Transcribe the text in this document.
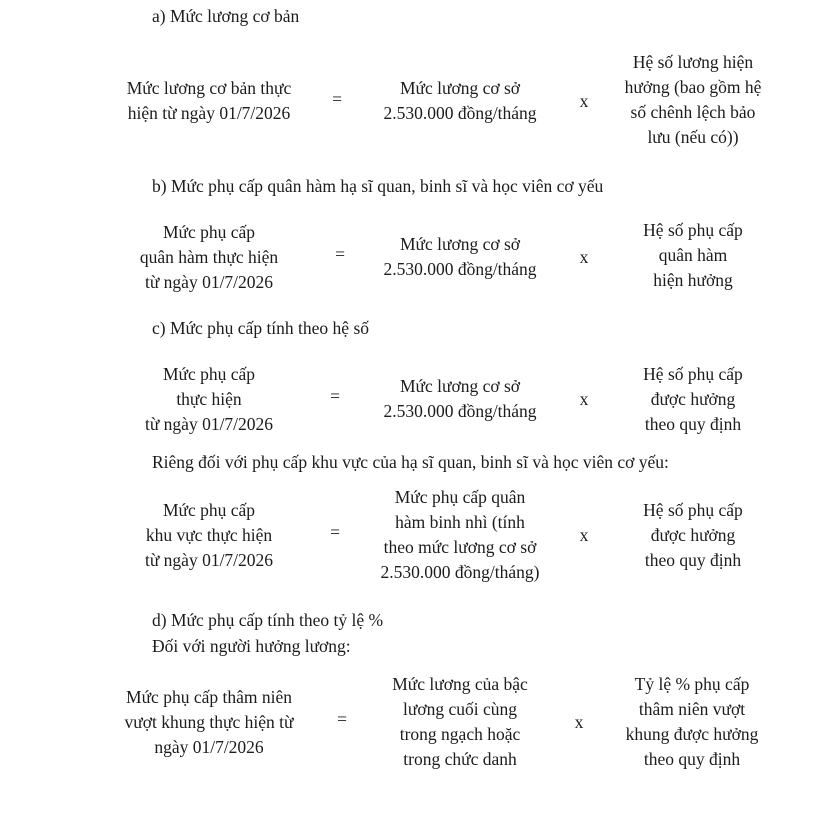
a) Mức lương cơ bản
Mức lương cơ bản thực
hiện từ ngày 01/7/2026
=
Mức lương cơ sở
2.530.000 đồng/tháng
x
Hệ số lương hiện
hưởng (bao gồm hệ
số chênh lệch bảo
lưu (nếu có))
b) Mức phụ cấp quân hàm hạ sĩ quan, binh sĩ và học viên cơ yếu
Mức phụ cấp
quân hàm thực hiện
từ ngày 01/7/2026
=	Mức lương cơ sở
2.530.000 đồng/tháng
x
Hệ số phụ cấp
quân hàm
hiện hưởng
c) Mức phụ cấp tính theo hệ số
Mức phụ cấp
thực hiện
từ ngày 01/7/2026
=	Mức lương cơ sở
2.530.000 đồng/tháng
x
Hệ số phụ cấp
được hưởng
theo quy định
Riêng đối với phụ cấp khu vực của hạ sĩ quan, binh sĩ và học viên cơ yếu:
Mức phụ cấp
khu vực thực hiện
từ ngày 01/7/2026
=
Mức phụ cấp quân
hàm binh nhì (tính
theo mức lương cơ sở
2.530.000 đồng/tháng)
x
Hệ số phụ cấp
được hưởng
theo quy định
d) Mức phụ cấp tính theo tỷ lệ %
Đối với người hưởng lương:
Mức phụ cấp thâm niên
vượt khung thực hiện từ
ngày 01/7/2026
=
Mức lương của bậc
lương cuối cùng
trong ngạch hoặc
trong chức danh
x
Tỷ lệ % phụ cấp
thâm niên vượt
khung được hưởng
theo quy định
